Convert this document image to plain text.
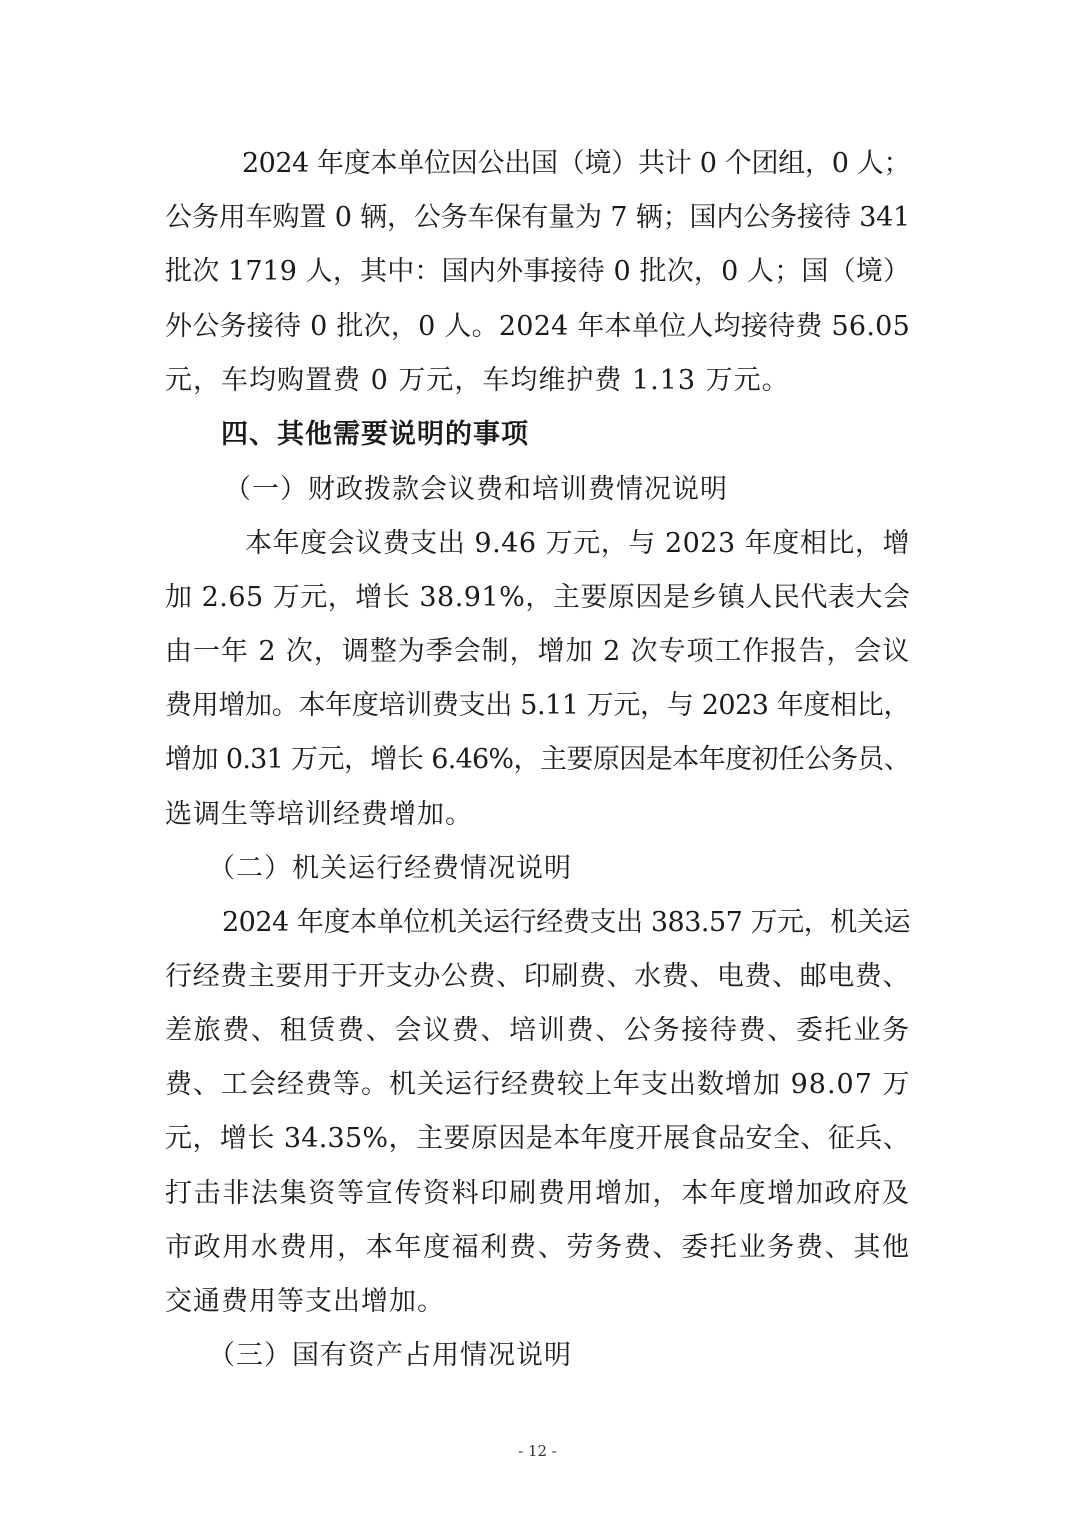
2024 年度本单位因公出国（境）共计 0 个团组，0 人；
公务用车购置 0 辆，公务车保有量为 7 辆；国内公务接待 341
批次 1719 人，其中：国内外事接待 0 批次，0 人；国（境）
外公务接待 0 批次，0 人。2024 年本单位人均接待费 56.05
元，车均购置费 0 万元，车均维护费 1.13 万元。
四、其他需要说明的事项
（一）财政拨款会议费和培训费情况说明
本年度会议费支出 9.46 万元，与 2023 年度相比，增
加 2.65 万元，增长 38.91%，主要原因是乡镇人民代表大会
由一年 2 次，调整为季会制，增加 2 次专项工作报告，会议
费用增加。本年度培训费支出 5.11 万元，与 2023 年度相比，
增加 0.31 万元，增长 6.46%，主要原因是本年度初任公务员、
选调生等培训经费增加。
（二）机关运行经费情况说明
2024 年度本单位机关运行经费支出 383.57 万元，机关运
行经费主要用于开支办公费、印刷费、水费、电费、邮电费、
差旅费、租赁费、会议费、培训费、公务接待费、委托业务
费、工会经费等。机关运行经费较上年支出数增加 98.07 万
元，增长 34.35%，主要原因是本年度开展食品安全、征兵、
打击非法集资等宣传资料印刷费用增加，本年度增加政府及
市政用水费用，本年度福利费、劳务费、委托业务费、其他
交通费用等支出增加。
（三）国有资产占用情况说明
- 12 -
